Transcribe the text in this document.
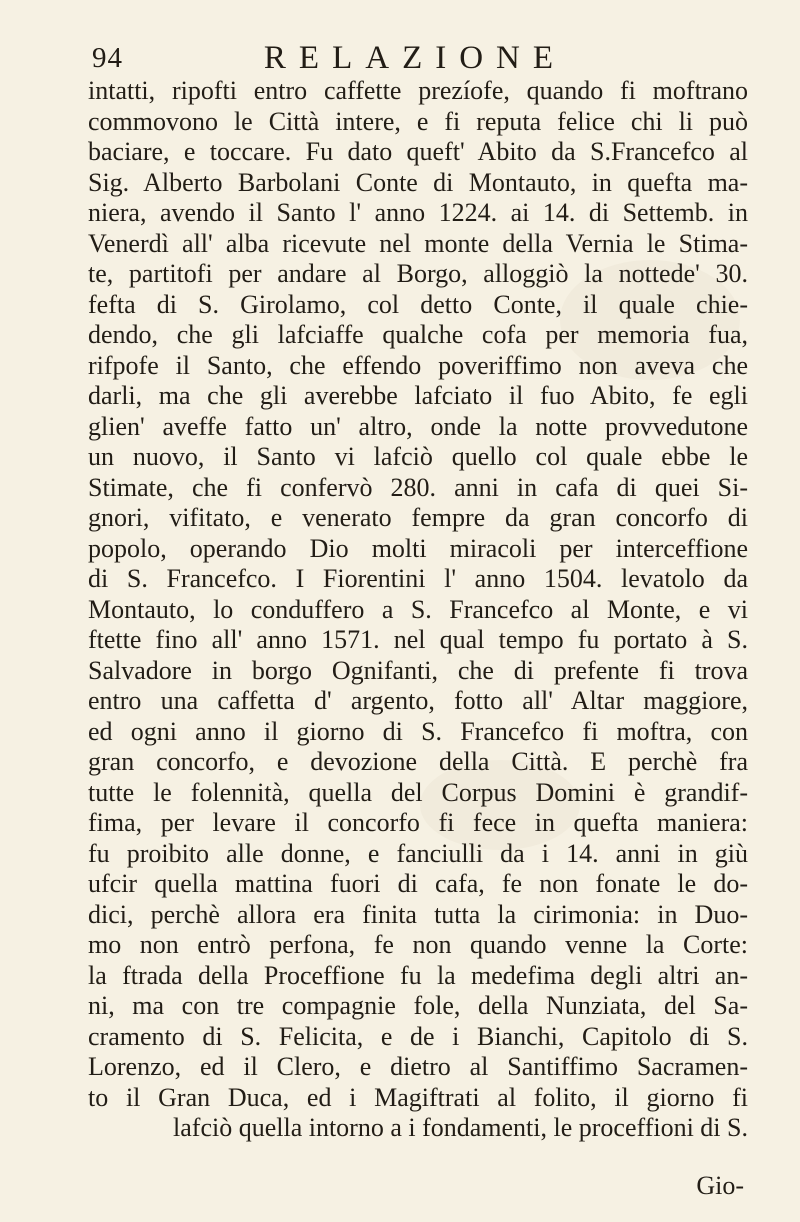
94	RELAZIONE
intatti, ripofti entro caffette prezíofe, quando fi moftrano
commovono le Città intere, e fi reputa felice chi li può
baciare, e toccare. Fu dato queft' Abito da S.Francefco al
Sig. Alberto Barbolani Conte di Montauto, in quefta ma-
niera, avendo il Santo l' anno 1224. ai 14. di Settemb. in
Venerdì all' alba ricevute nel monte della Vernia le Stima-
te, partitofi per andare al Borgo, alloggiò la nottede' 30.
fefta di S. Girolamo, col detto Conte, il quale chie-
dendo, che gli lafciaffe qualche cofa per memoria fua,
rifpofe il Santo, che effendo poveriffimo non aveva che
darli, ma che gli averebbe lafciato il fuo Abito, fe egli
glien' aveffe fatto un' altro, onde la notte provvedutone
un nuovo, il Santo vi lafciò quello col quale ebbe le
Stimate, che fi confervò 280. anni in cafa di quei Si-
gnori, vifitato, e venerato fempre da gran concorfo di
popolo, operando Dio molti miracoli per interceffione
di S. Francefco. I Fiorentini l' anno 1504. levatolo da
Montauto, lo conduffero a S. Francefco al Monte, e vi
ftette fino all' anno 1571. nel qual tempo fu portato à S.
Salvadore in borgo Ognifanti, che di prefente fi trova
entro una caffetta d' argento, fotto all' Altar maggiore,
ed ogni anno il giorno di S. Francefco fi moftra, con
gran concorfo, e devozione della Città. E perchè fra
tutte le folennità, quella del Corpus Domini è grandif-
fima, per levare il concorfo fi fece in quefta maniera:
fu proibito alle donne, e fanciulli da i 14. anni in giù
ufcir quella mattina fuori di cafa, fe non fonate le do-
dici, perchè allora era finita tutta la cirimonia: in Duo-
mo non entrò perfona, fe non quando venne la Corte:
la ftrada della Proceffione fu la medefima degli altri an-
ni, ma con tre compagnie fole, della Nunziata, del Sa-
cramento di S. Felicita, e de i Bianchi, Capitolo di S.
Lorenzo, ed il Clero, e dietro al Santiffimo Sacramen-
to il Gran Duca, ed i Magiftrati al folito, il giorno fi
lafciò quella intorno a i fondamenti, le proceffioni di S.
Gio-
